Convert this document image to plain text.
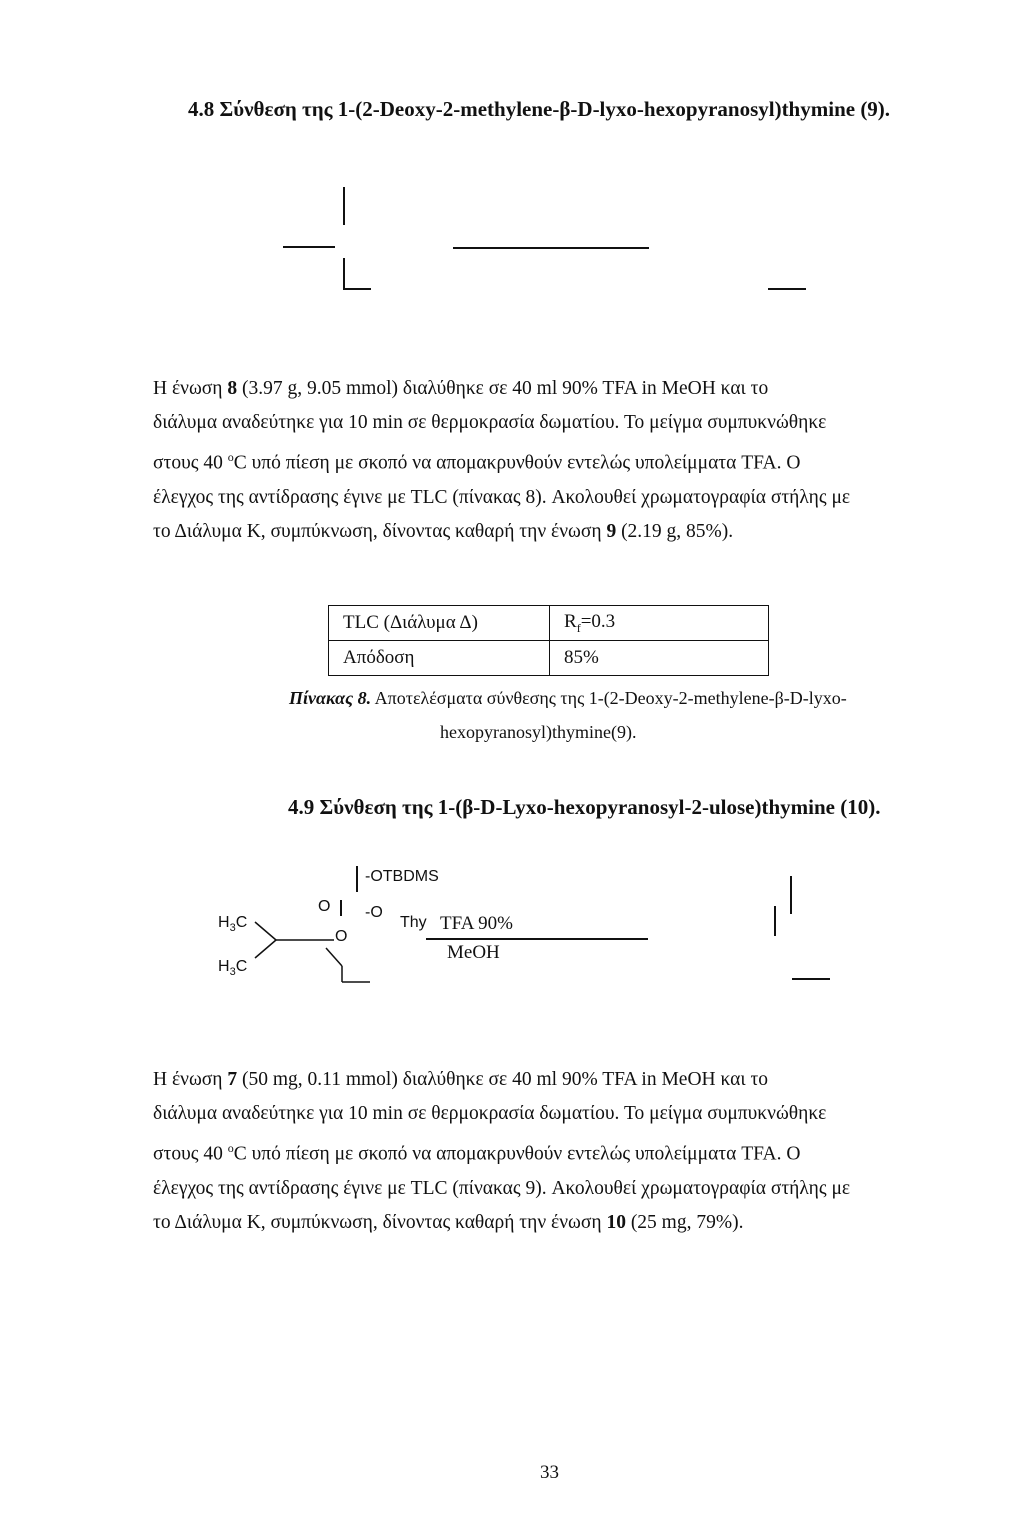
4.8 Σύνθεση της 1-(2-Deoxy-2-methylene-β-D-lyxo-hexopyranosyl)thymine (9).
Η ένωση 8 (3.97 g, 9.05 mmol) διαλύθηκε σε 40 ml 90% TFA in MeOH και το
διάλυμα αναδεύτηκε για 10 min σε θερμοκρασία δωματίου. Το μείγμα συμπυκνώθηκε
στους 40 $^o$C υπό πίεση με σκοπό να απομακρυνθούν εντελώς υπολείμματα TFA. Ο
έλεγχος της αντίδρασης έγινε με TLC (πίνακας 8). Ακολουθεί χρωματογραφία στήλης με
το Διάλυμα Κ, συμπύκνωση, δίνοντας καθαρή την ένωση 9 (2.19 g, 85%).
TLC (Διάλυμα Δ)	$R_f=0.3$
Απόδοση	85%
Πίνακας 8. Αποτελέσματα σύνθεσης της 1-(2-Deoxy-2-methylene-β-D-lyxo-
hexopyranosyl)thymine(9).
4.9 Σύνθεση της 1-(β-D-Lyxo-hexopyranosyl-2-ulose)thymine (10).
-OTBDMS
O -O
Thy
$H_3C$
$H_3C$
O
TFA 90%
MeOH
Η ένωση 7 (50 mg, 0.11 mmol) διαλύθηκε σε 40 ml 90% TFA in MeOH και το
διάλυμα αναδεύτηκε για 10 min σε θερμοκρασία δωματίου. Το μείγμα συμπυκνώθηκε
στους 40 $^o$C υπό πίεση με σκοπό να απομακρυνθούν εντελώς υπολείμματα TFA. Ο
έλεγχος της αντίδρασης έγινε με TLC (πίνακας 9). Ακολουθεί χρωματογραφία στήλης με
το Διάλυμα Κ, συμπύκνωση, δίνοντας καθαρή την ένωση 10 (25 mg, 79%).
33
